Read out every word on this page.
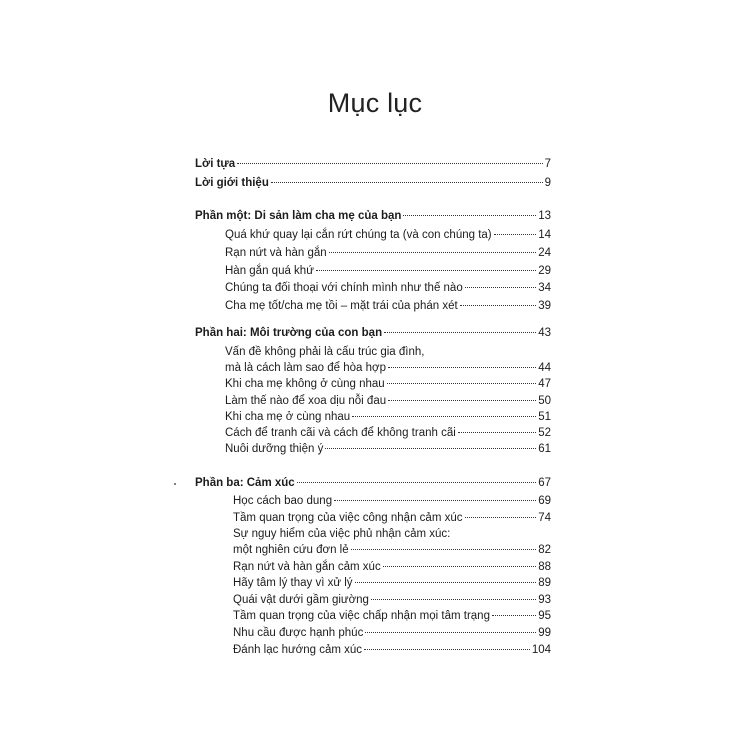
Mục lục
Lời tựa	7
Lời giới thiệu	9
Phần một: Di sản làm cha mẹ của bạn	13
Quá khứ quay lại cắn rứt chúng ta (và con chúng ta)	14
Rạn nứt và hàn gắn	24
Hàn gắn quá khứ	29
Chúng ta đối thoại với chính mình như thế nào	34
Cha mẹ tốt/cha mẹ tồi – mặt trái của phán xét	39
Phần hai: Môi trường của con bạn	43
Vấn đề không phải là cấu trúc gia đình,
mà là cách làm sao để hòa hợp	44
Khi cha mẹ không ở cùng nhau	47
Làm thế nào để xoa dịu nỗi đau	50
Khi cha mẹ ở cùng nhau	51
Cách để tranh cãi và cách để không tranh cãi	52
Nuôi dưỡng thiện ý	61
Phần ba: Cảm xúc	67
Học cách bao dung	69
Tầm quan trọng của việc công nhận cảm xúc	74
Sự nguy hiểm của việc phủ nhận cảm xúc:
một nghiên cứu đơn lẻ	82
Rạn nứt và hàn gắn cảm xúc	88
Hãy tâm lý thay vì xử lý	89
Quái vật dưới gầm giường	93
Tầm quan trọng của việc chấp nhận mọi tâm trạng	95
Nhu cầu được hạnh phúc	99
Đánh lạc hướng cảm xúc	104
